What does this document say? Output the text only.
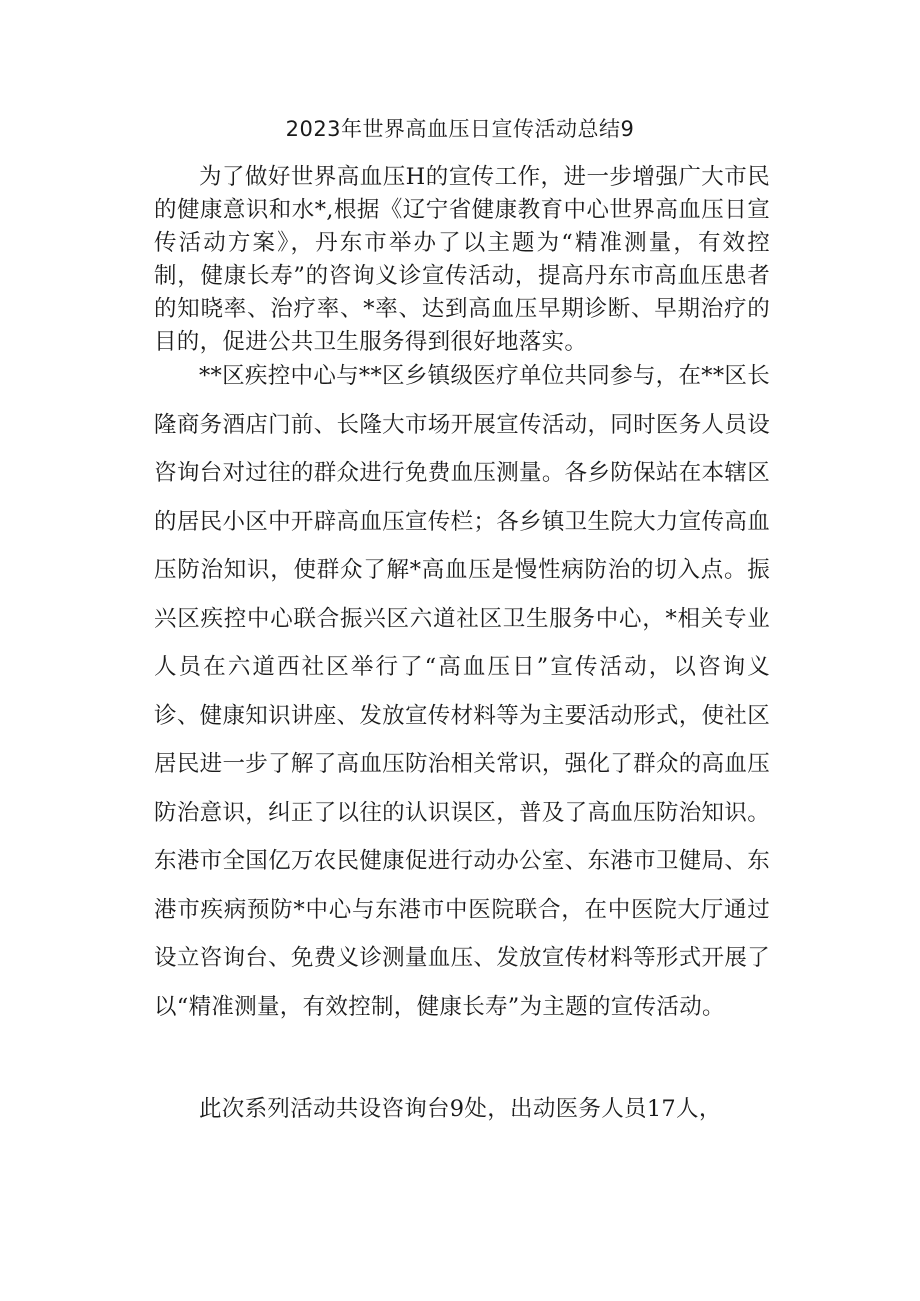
2023年世界高血压日宣传活动总结9

为了做好世界高血压H的宣传工作，进一步增强广大市民的健康意识和水*,根据《辽宁省健康教育中心世界高血压日宣传活动方案》，丹东市举办了以主题为“精准测量，有效控制，健康长寿”的咨询义诊宣传活动，提高丹东市高血压患者的知晓率、治疗率、*率、达到高血压早期诊断、早期治疗的目的，促进公共卫生服务得到很好地落实。

**区疾控中心与**区乡镇级医疗单位共同参与，在**区长隆商务酒店门前、长隆大市场开展宣传活动，同时医务人员设咨询台对过往的群众进行免费血压测量。各乡防保站在本辖区的居民小区中开辟高血压宣传栏；各乡镇卫生院大力宣传高血压防治知识，使群众了解*高血压是慢性病防治的切入点。振兴区疾控中心联合振兴区六道社区卫生服务中心，*相关专业人员在六道西社区举行了“高血压日”宣传活动，以咨询义诊、健康知识讲座、发放宣传材料等为主要活动形式，使社区居民进一步了解了高血压防治相关常识，强化了群众的高血压防治意识，纠正了以往的认识误区，普及了高血压防治知识。东港市全国亿万农民健康促进行动办公室、东港市卫健局、东港市疾病预防*中心与东港市中医院联合，在中医院大厅通过设立咨询台、免费义诊测量血压、发放宣传材料等形式开展了以“精准测量，有效控制，健康长寿”为主题的宣传活动。

此次系列活动共设咨询台9处，出动医务人员17人，
